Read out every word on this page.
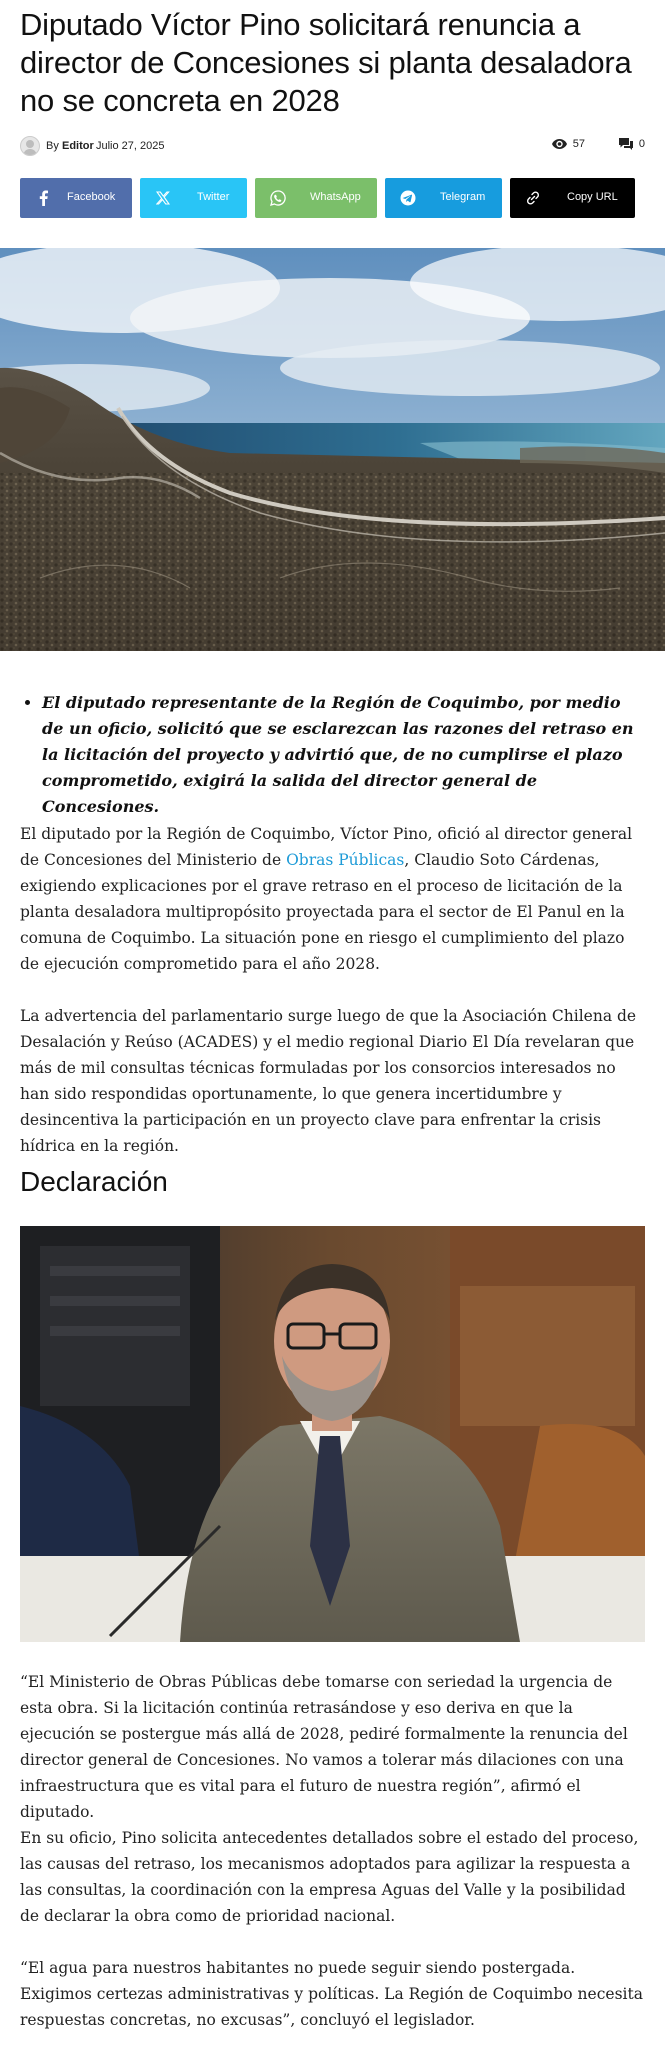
Diputado Víctor Pino solicitará renuncia a director de Concesiones si planta desaladora no se concreta en 2028
By Editor Julio 27, 2025	57	0
Facebook	Twitter	WhatsApp	Telegram	Copy URL
• El diputado representante de la Región de Coquimbo, por medio de un oficio, solicitó que se esclarezcan las razones del retraso en la licitación del proyecto y advirtió que, de no cumplirse el plazo comprometido, exigirá la salida del director general de Concesiones.

El diputado por la Región de Coquimbo, Víctor Pino, ofició al director general de Concesiones del Ministerio de Obras Públicas, Claudio Soto Cárdenas, exigiendo explicaciones por el grave retraso en el proceso de licitación de la planta desaladora multipropósito proyectada para el sector de El Panul en la comuna de Coquimbo. La situación pone en riesgo el cumplimiento del plazo de ejecución comprometido para el año 2028.

La advertencia del parlamentario surge luego de que la Asociación Chilena de Desalación y Reúso (ACADES) y el medio regional Diario El Día revelaran que más de mil consultas técnicas formuladas por los consorcios interesados no han sido respondidas oportunamente, lo que genera incertidumbre y desincentiva la participación en un proyecto clave para enfrentar la crisis hídrica en la región.

Declaración

“El Ministerio de Obras Públicas debe tomarse con seriedad la urgencia de esta obra. Si la licitación continúa retrasándose y eso deriva en que la ejecución se postergue más allá de 2028, pediré formalmente la renuncia del director general de Concesiones. No vamos a tolerar más dilaciones con una infraestructura que es vital para el futuro de nuestra región”, afirmó el diputado.

En su oficio, Pino solicita antecedentes detallados sobre el estado del proceso, las causas del retraso, los mecanismos adoptados para agilizar la respuesta a las consultas, la coordinación con la empresa Aguas del Valle y la posibilidad de declarar la obra como de prioridad nacional.

“El agua para nuestros habitantes no puede seguir siendo postergada. Exigimos certezas administrativas y políticas. La Región de Coquimbo necesita respuestas concretas, no excusas”, concluyó el legislador.
